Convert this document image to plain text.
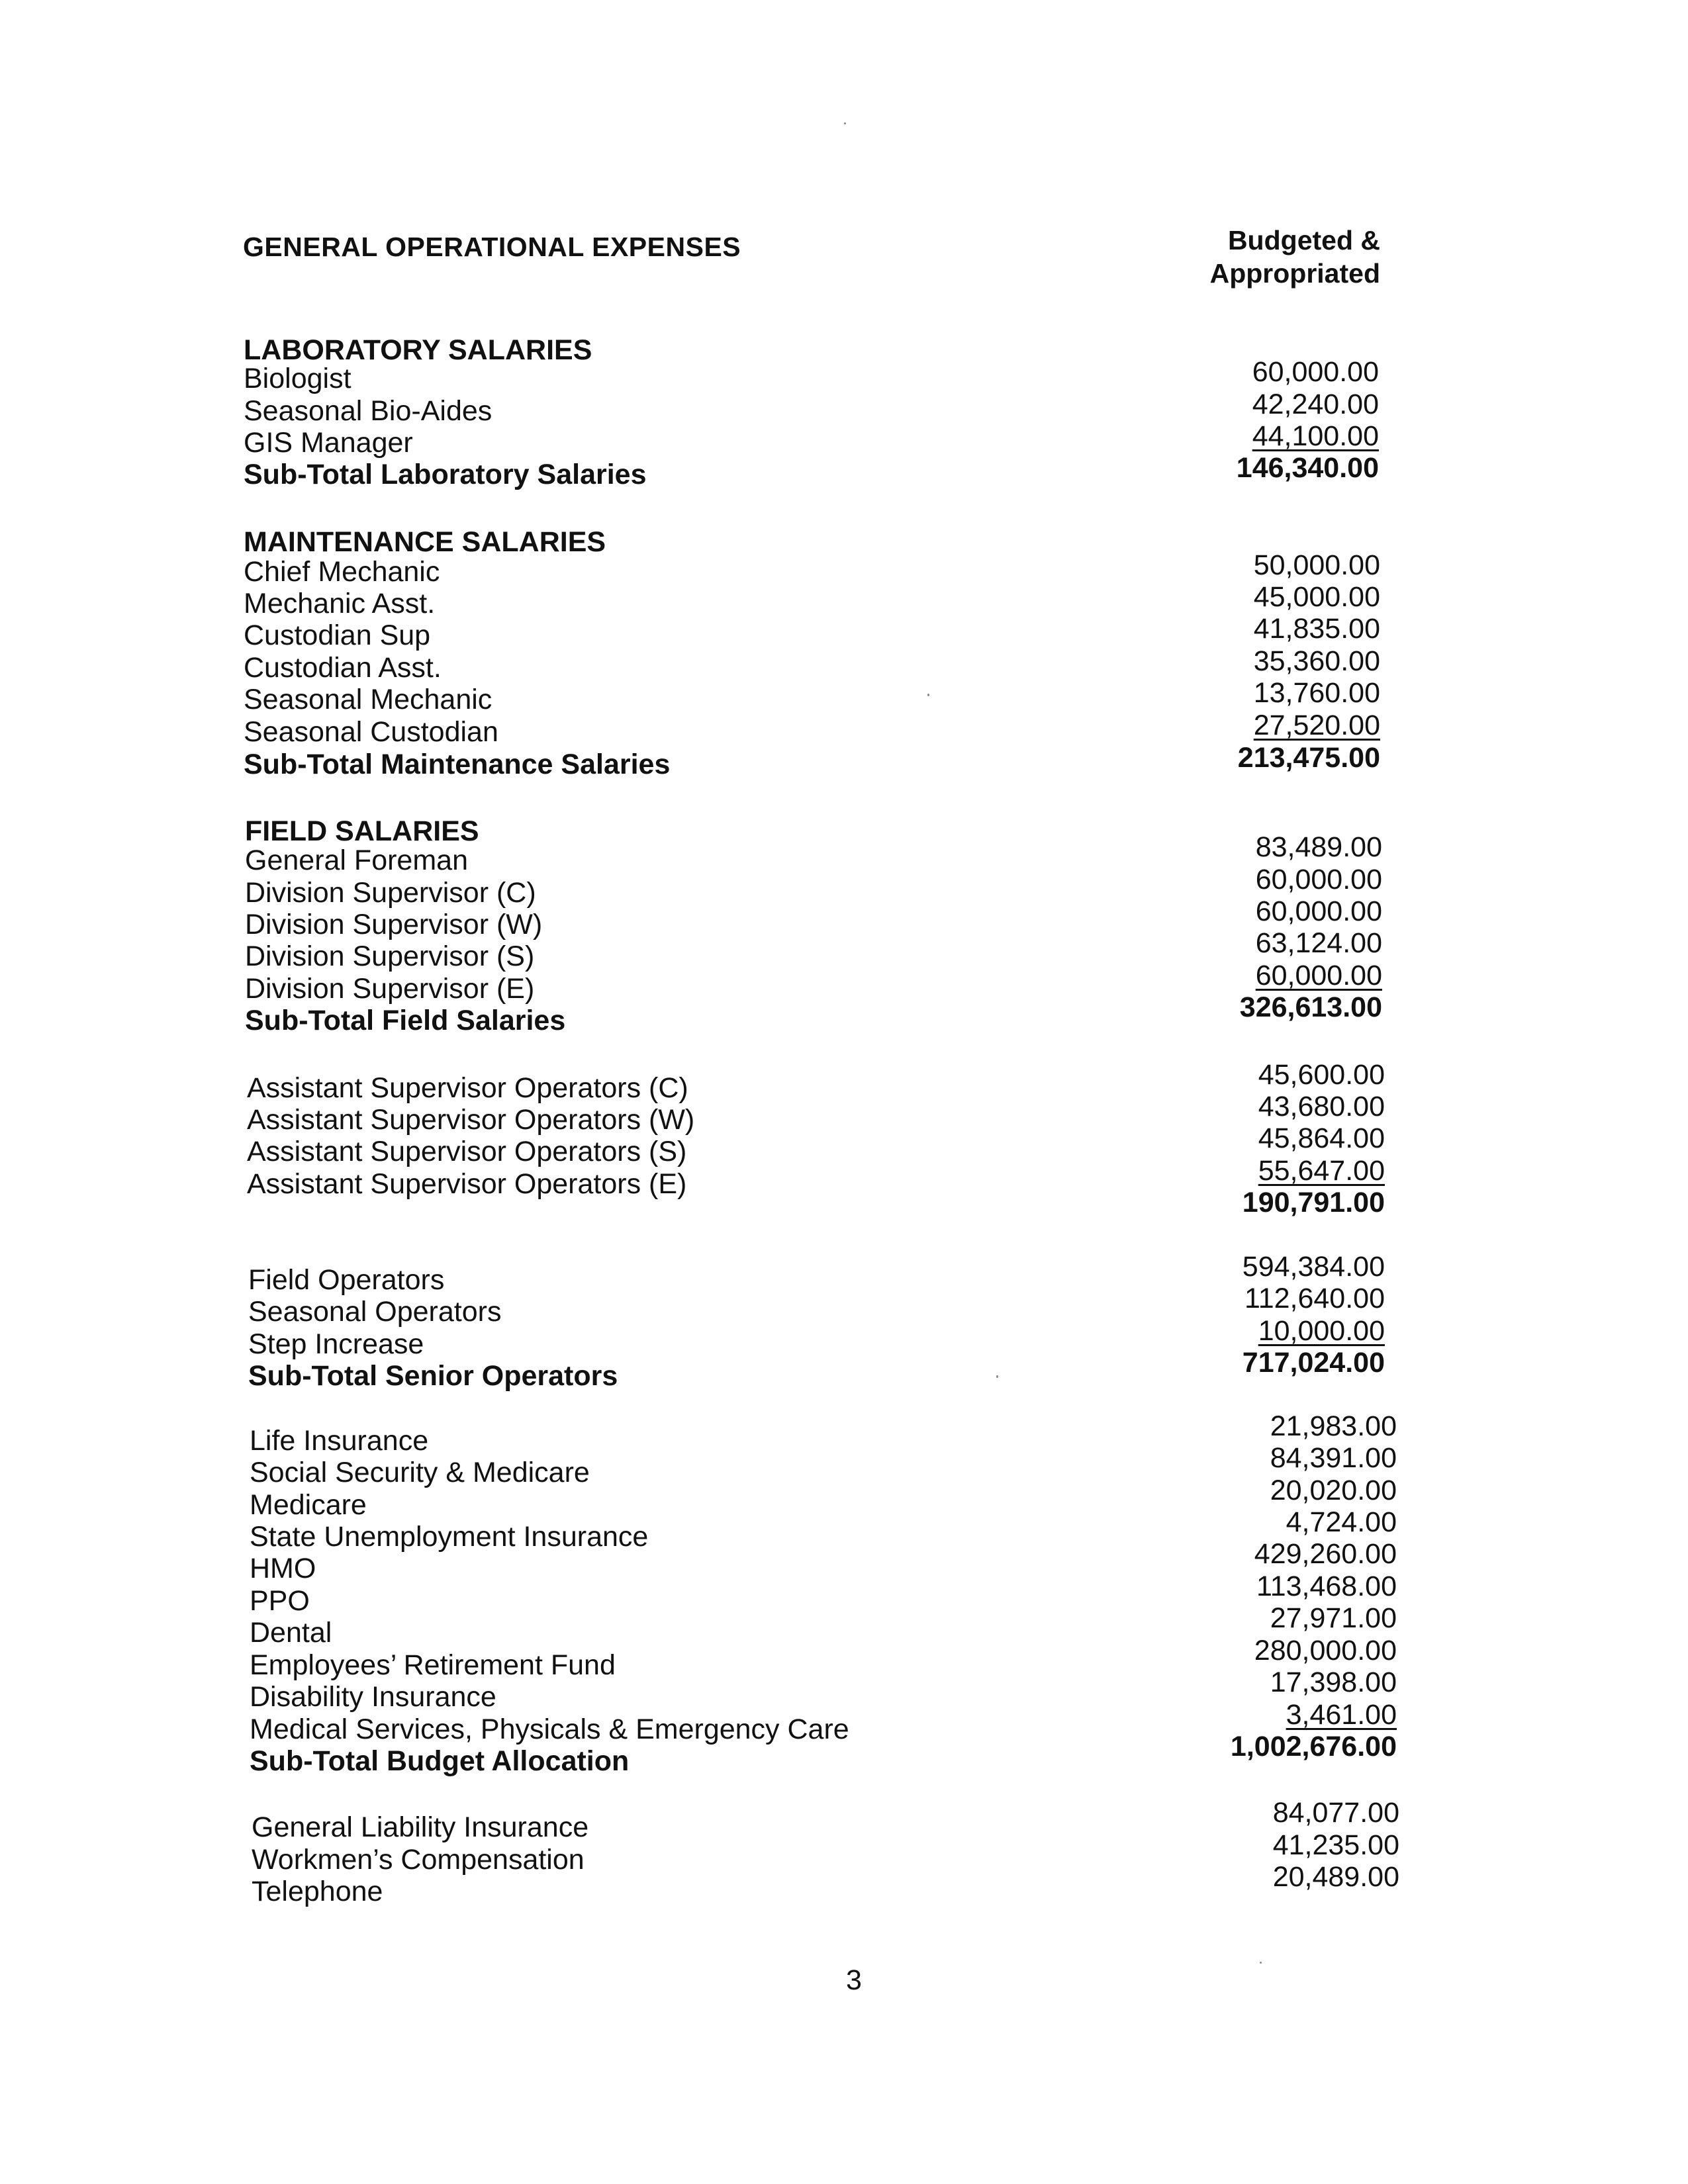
GENERAL OPERATIONAL EXPENSES	Budgeted &
Appropriated
LABORATORY SALARIES
Biologist	60,000.00
Seasonal Bio-Aides	42,240.00
GIS Manager	44,100.00
Sub-Total Laboratory Salaries	146,340.00
MAINTENANCE SALARIES
Chief Mechanic	50,000.00
Mechanic Asst.	45,000.00
Custodian Sup	41,835.00
Custodian Asst.	35,360.00
Seasonal Mechanic	13,760.00
Seasonal Custodian	27,520.00
Sub-Total Maintenance Salaries	213,475.00
FIELD SALARIES
General Foreman	83,489.00
Division Supervisor (C)	60,000.00
Division Supervisor (W)	60,000.00
Division Supervisor (S)	63,124.00
Division Supervisor (E)	60,000.00
Sub-Total Field Salaries	326,613.00
Assistant Supervisor Operators (C)	45,600.00
Assistant Supervisor Operators (W)	43,680.00
Assistant Supervisor Operators (S)	45,864.00
Assistant Supervisor Operators (E)	55,647.00
190,791.00
Field Operators	594,384.00
Seasonal Operators	112,640.00
Step Increase	10,000.00
Sub-Total Senior Operators	717,024.00
Life Insurance	21,983.00
Social Security & Medicare	84,391.00
Medicare	20,020.00
State Unemployment Insurance	4,724.00
HMO	429,260.00
PPO	113,468.00
Dental	27,971.00
Employees’ Retirement Fund	280,000.00
Disability Insurance	17,398.00
Medical Services, Physicals & Emergency Care	3,461.00
Sub-Total Budget Allocation	1,002,676.00
General Liability Insurance	84,077.00
Workmen’s Compensation	41,235.00
Telephone	20,489.00
3
